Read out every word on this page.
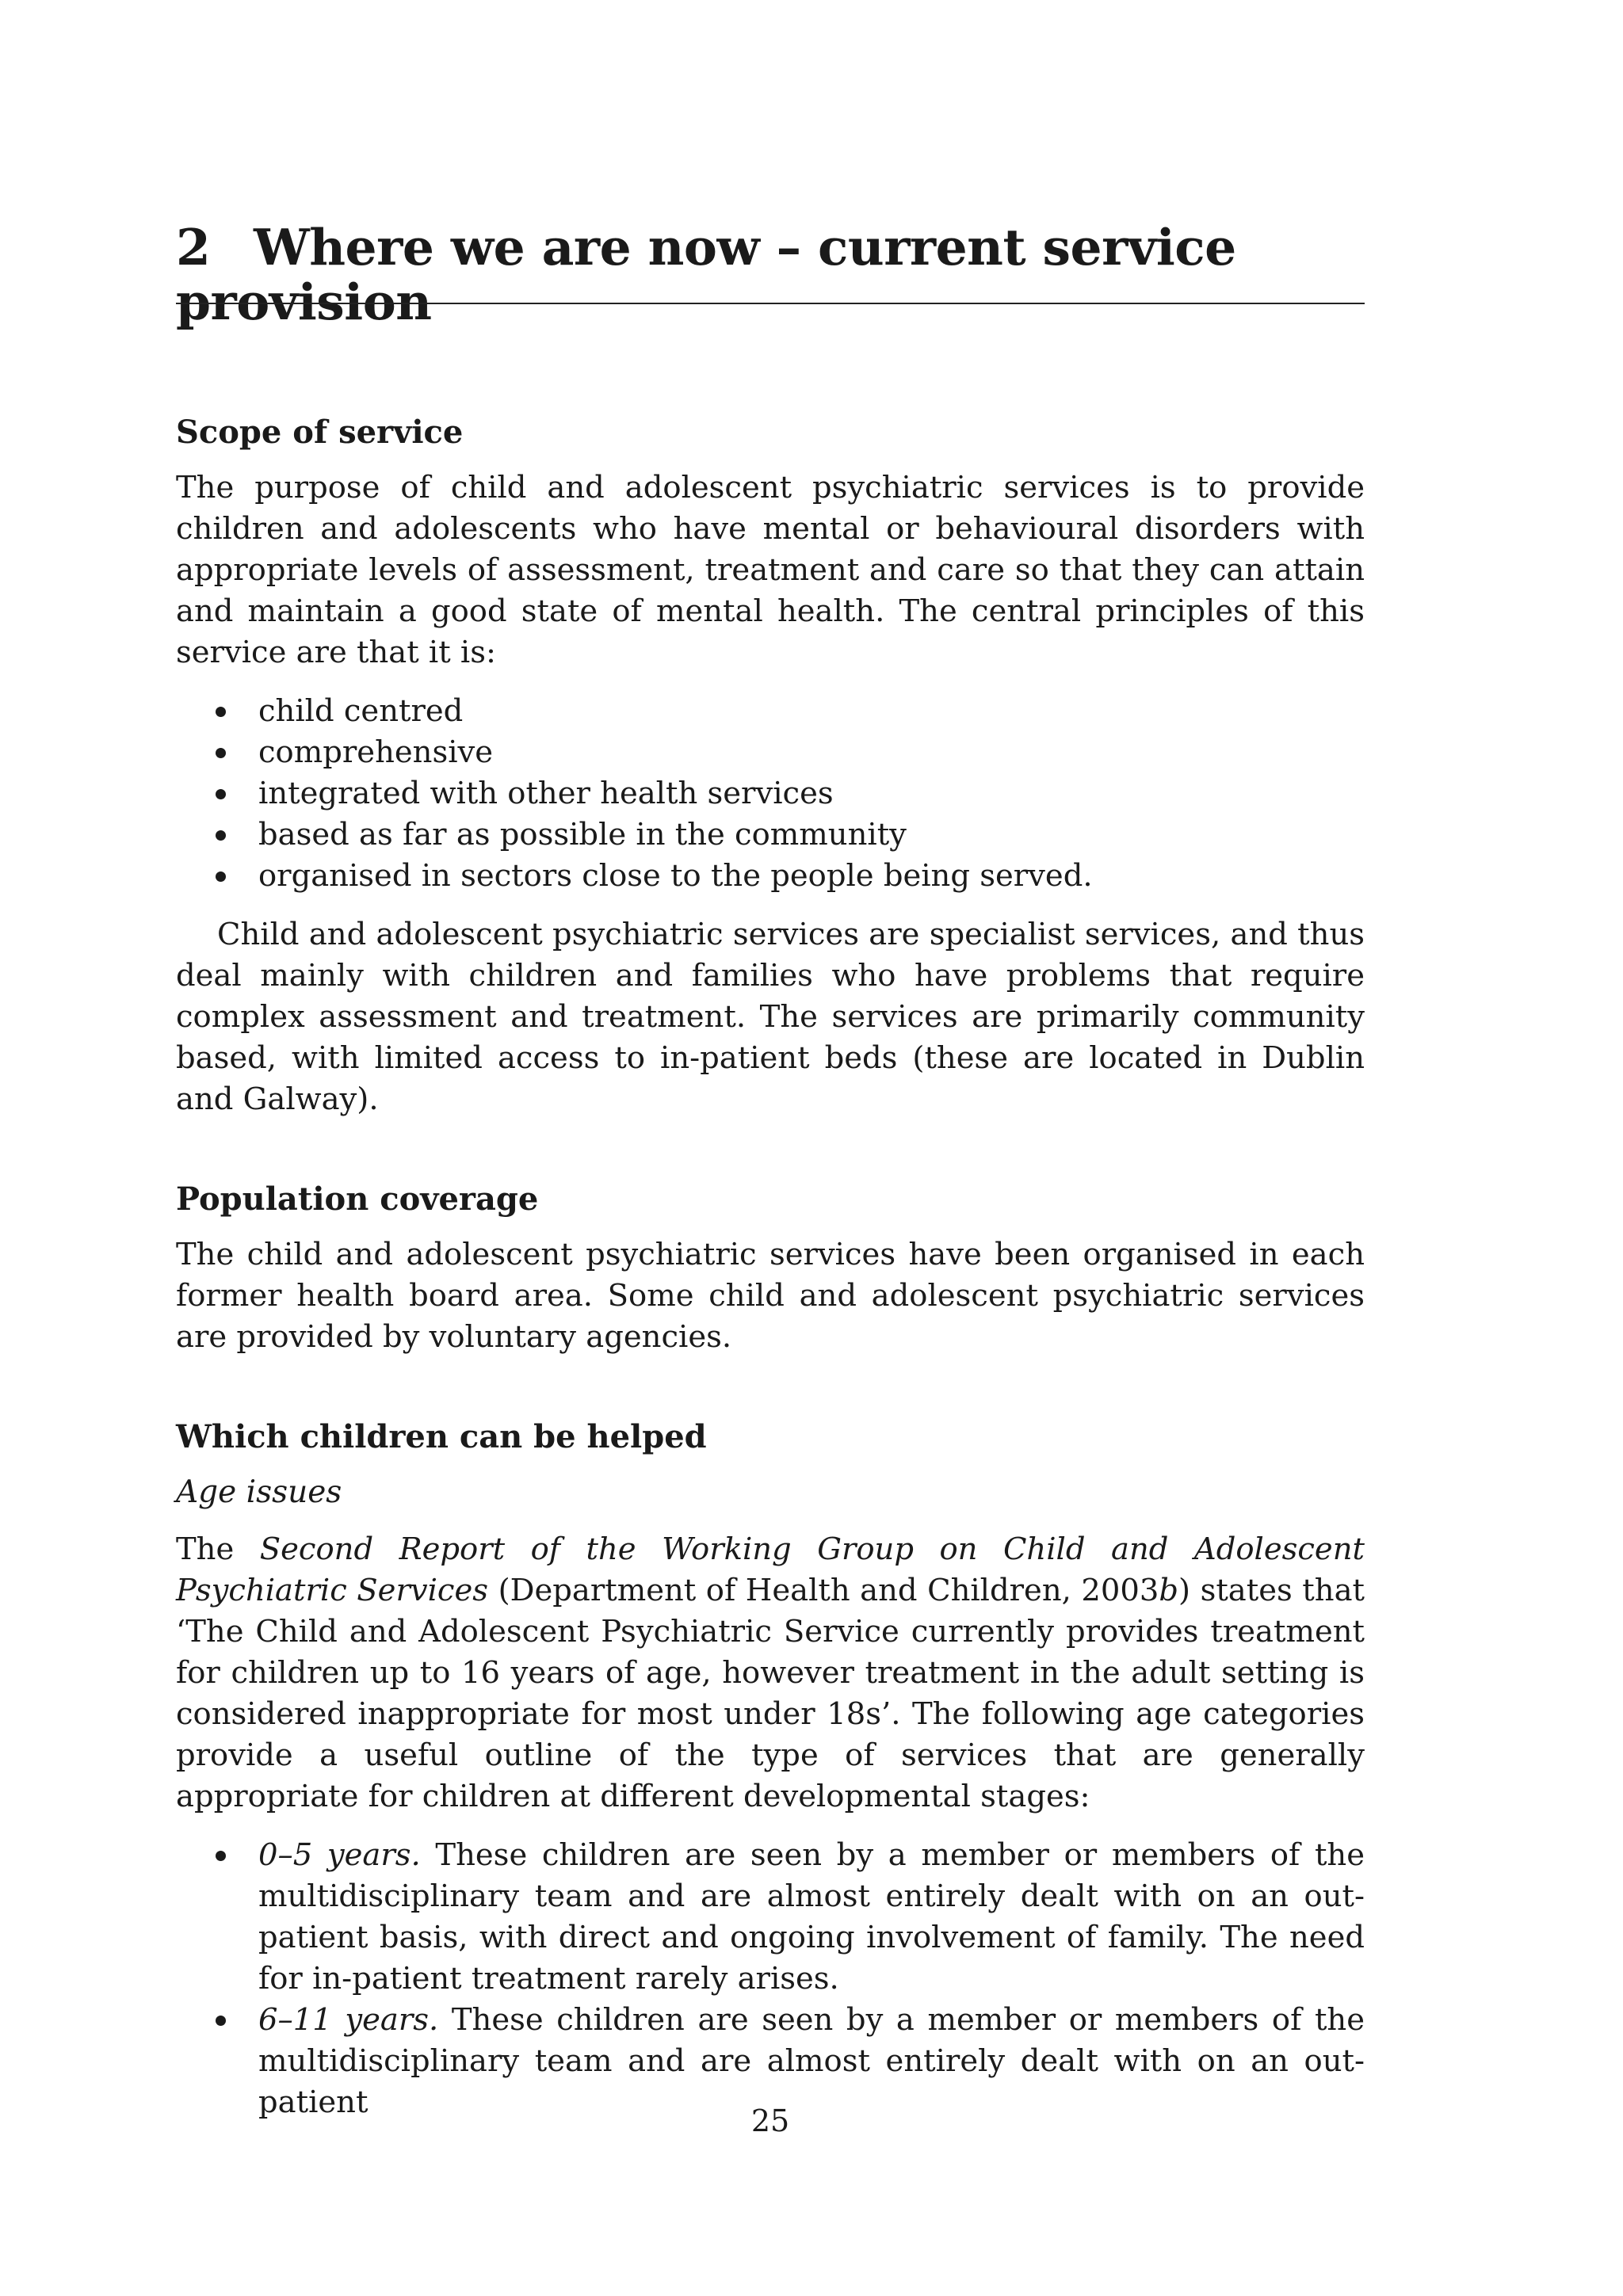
2 Where we are now – current service provision
Scope of service

The purpose of child and adolescent psychiatric services is to provide children and adolescents who have mental or behavioural disorders with appropriate levels of assessment, treatment and care so that they can attain and maintain a good state of mental health. The central principles of this service are that it is:

child centred
comprehensive
integrated with other health services
based as far as possible in the community
organised in sectors close to the people being served.

Child and adolescent psychiatric services are specialist services, and thus deal mainly with children and families who have problems that require complex assessment and treatment. The services are primarily community based, with limited access to in-patient beds (these are located in Dublin and Galway).

Population coverage

The child and adolescent psychiatric services have been organised in each former health board area. Some child and adolescent psychiatric services are provided by voluntary agencies.

Which children can be helped
Age issues

The Second Report of the Working Group on Child and Adolescent Psychiatric Services (Department of Health and Children, 2003b) states that ‘The Child and Adolescent Psychiatric Service currently provides treatment for children up to 16 years of age, however treatment in the adult setting is considered inappropriate for most under 18s’. The following age categories provide a useful outline of the type of services that are generally appropriate for children at different developmental stages:

0–5 years. These children are seen by a member or members of the multidisciplinary team and are almost entirely dealt with on an out-patient basis, with direct and ongoing involvement of family. The need for in-patient treatment rarely arises.
6–11 years. These children are seen by a member or members of the multidisciplinary team and are almost entirely dealt with on an out-patient
25
